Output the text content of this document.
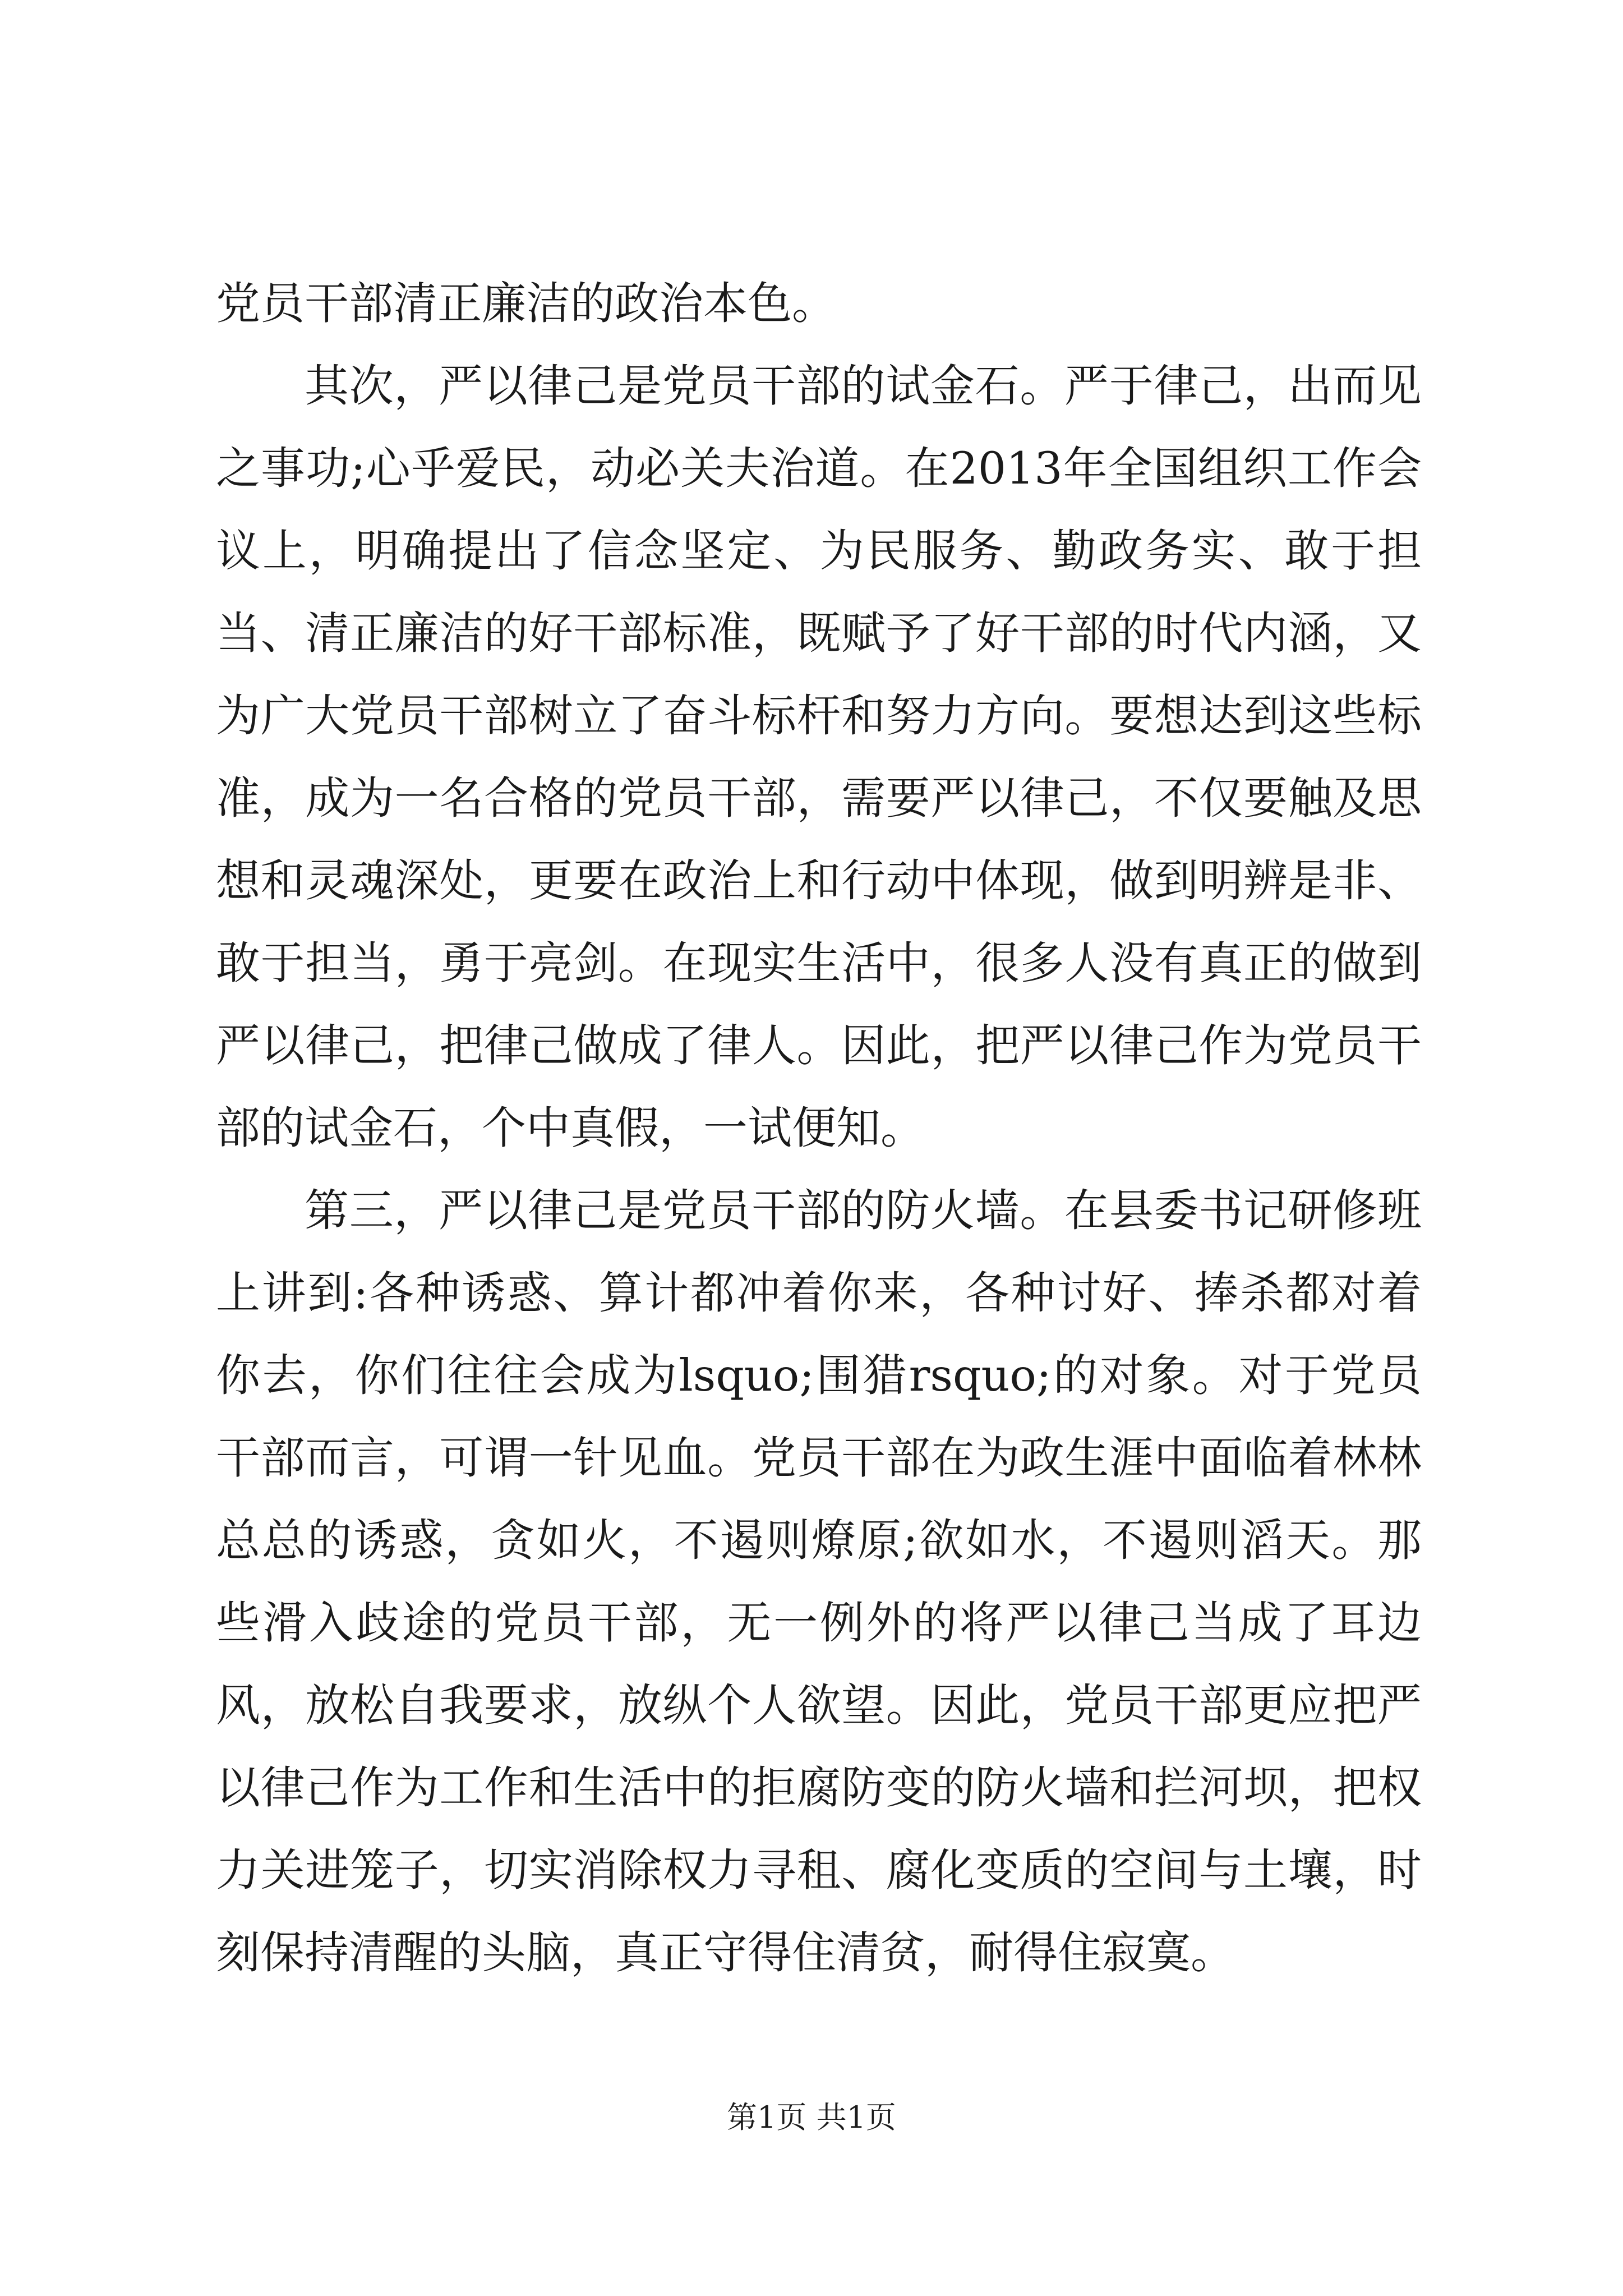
党员干部清正廉洁的政治本色。

其次，严以律己是党员干部的试金石。严于律己，出而见之事功;心乎爱民，动必关夫治道。在2013年全国组织工作会议上，明确提出了信念坚定、为民服务、勤政务实、敢于担当、清正廉洁的好干部标准，既赋予了好干部的时代内涵，又为广大党员干部树立了奋斗标杆和努力方向。要想达到这些标准，成为一名合格的党员干部，需要严以律己，不仅要触及思想和灵魂深处，更要在政治上和行动中体现，做到明辨是非、敢于担当，勇于亮剑。在现实生活中，很多人没有真正的做到严以律己，把律己做成了律人。因此，把严以律己作为党员干部的试金石，个中真假，一试便知。

第三，严以律己是党员干部的防火墙。在县委书记研修班上讲到:各种诱惑、算计都冲着你来，各种讨好、捧杀都对着你去，你们往往会成为lsquo;围猎rsquo;的对象。对于党员干部而言，可谓一针见血。党员干部在为政生涯中面临着林林总总的诱惑，贪如火，不遏则燎原;欲如水，不遏则滔天。那些滑入歧途的党员干部，无一例外的将严以律己当成了耳边风，放松自我要求，放纵个人欲望。因此，党员干部更应把严以律己作为工作和生活中的拒腐防变的防火墙和拦河坝，把权力关进笼子，切实消除权力寻租、腐化变质的空间与土壤，时刻保持清醒的头脑，真正守得住清贫，耐得住寂寞。

第1页 共1页
